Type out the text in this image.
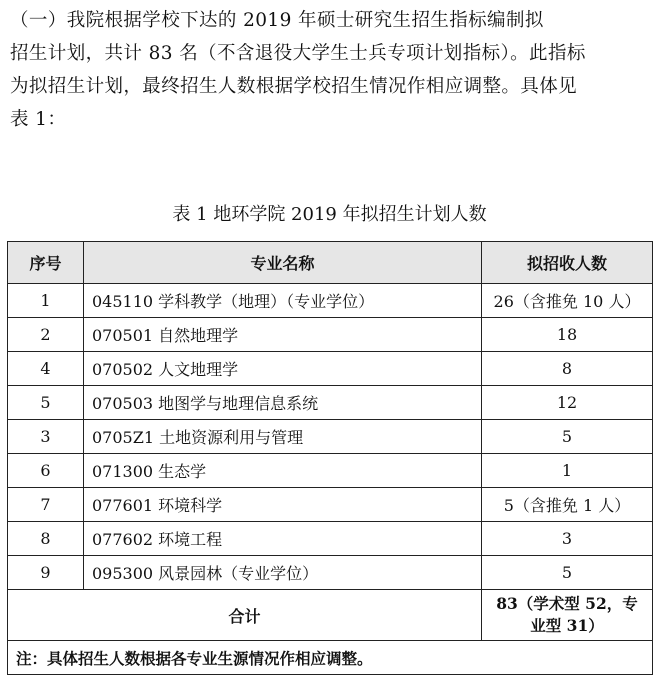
（一）我院根据学校下达的 2019 年硕士研究生招生指标编制拟

招生计划，共计 83 名（不含退役大学生士兵专项计划指标）。此指标

为拟招生计划，最终招生人数根据学校招生情况作相应调整。具体见

表 1：

表 1 地环学院 2019 年拟招生计划人数
序号	专业名称	拟招收人数
1	045110 学科教学（地理）（专业学位）	26（含推免 10 人）
2	070501 自然地理学	18
4	070502 人文地理学	8
5	070503 地图学与地理信息系统	12
3	0705Z1 土地资源利用与管理	5
6	071300 生态学	1
7	077601 环境科学	5（含推免 1 人）
8	077602 环境工程	3
9	095300 风景园林（专业学位）	5
合计		83（学术型 52，专
业型 31）

注：具体招生人数根据各专业生源情况作相应调整。		
